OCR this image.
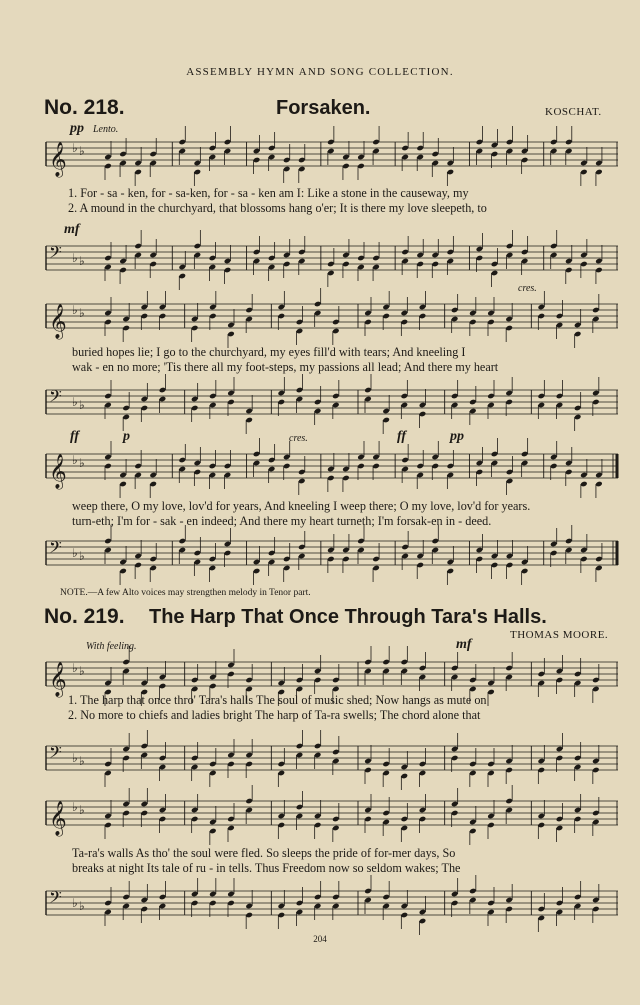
ASSEMBLY HYMN AND SONG COLLECTION.
No. 218.	Forsaken.	KOSCHAT.
pp Lento.
𝄞 ♭ ♭
1. For - sa - ken, for - sa-ken, for - sa - ken am I: Like a stone in the causeway, my
2. A mound in the churchyard, that blossoms hang o'er; It is there my love sleepeth, to
mf
𝄢 ♭ ♭
cres.
𝄞 ♭ ♭
buried hopes lie; I go to the churchyard, my eyes fill'd with tears; And kneeling I
wak - en no more; 'Tis there all my foot-steps, my passions all lead; And there my heart
𝄢 ♭ ♭
ff	p	cres.	ff	pp
𝄞 ♭ ♭
weep there, O my love, lov'd for years, And kneeling I weep there; O my love, lov'd for years.
turn-eth; I'm for - sak - en indeed; And there my heart turneth; I'm forsak-en in - deed.
𝄢 ♭ ♭
NOTE.—A few Alto voices may strengthen melody in Tenor part.
No. 219. The Harp That Once Through Tara's Halls.
THOMAS MOORE.
With feeling.	mf
𝄞 ♭ ♭
1. The harp that once thro' Tara's halls The soul of music shed; Now hangs as mute on
2. No more to chiefs and ladies bright The harp of Ta-ra swells; The chord alone that
𝄢 ♭ ♭
𝄞 ♭ ♭
Ta-ra's walls As tho' the soul were fled. So sleeps the pride of for-mer days, So
breaks at night Its tale of ru - in tells. Thus Freedom now so seldom wakes; The
𝄢 ♭ ♭
204
